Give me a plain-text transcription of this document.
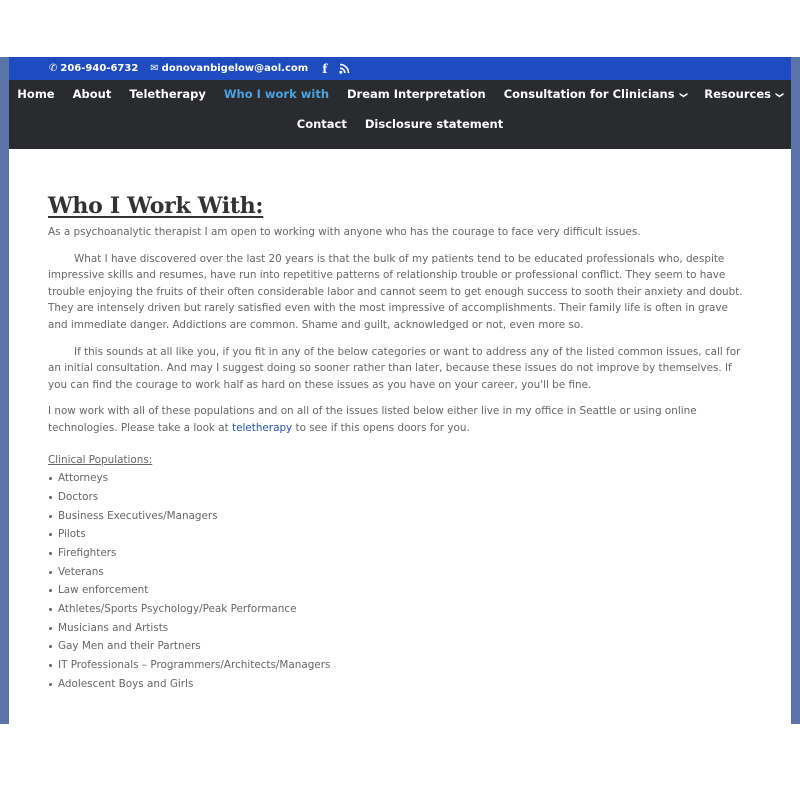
✆ 206-940-6732 ✉ donovanbigelow@aol.com f
Home	About	Teletherapy	Who I work with	Dream Interpretation	Consultation for Clinicians ❯	Resources ❯
Contact	Disclosure statement
Who I Work With:

As a psychoanalytic therapist I am open to working with anyone who has the courage to face very difficult issues.

What I have discovered over the last 20 years is that the bulk of my patients tend to be educated professionals who, despite impressive skills and resumes, have run into repetitive patterns of relationship trouble or professional conflict. They seem to have trouble enjoying the fruits of their often considerable labor and cannot seem to get enough success to sooth their anxiety and doubt. They are intensely driven but rarely satisfied even with the most impressive of accomplishments. Their family life is often in grave and immediate danger. Addictions are common. Shame and guilt, acknowledged or not, even more so.

If this sounds at all like you, if you fit in any of the below categories or want to address any of the listed common issues, call for an initial consultation. And may I suggest doing so sooner rather than later, because these issues do not improve by themselves. If you can find the courage to work half as hard on these issues as you have on your career, you'll be fine.

I now work with all of these populations and on all of the issues listed below either live in my office in Seattle or using online technologies. Please take a look at teletherapy to see if this opens doors for you.

Clinical Populations:
Attorneys
Doctors
Business Executives/Managers
Pilots
Firefighters
Veterans
Law enforcement
Athletes/Sports Psychology/Peak Performance
Musicians and Artists
Gay Men and their Partners
IT Professionals – Programmers/Architects/Managers
Adolescent Boys and Girls
